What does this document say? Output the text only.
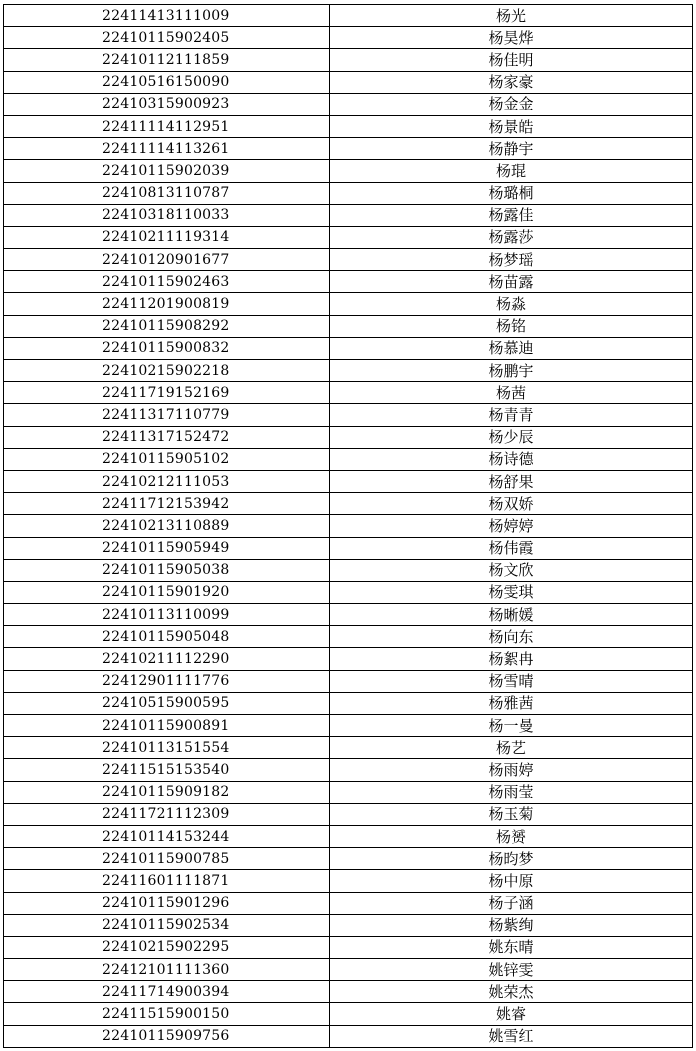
22411413111009	杨光
22410115902405	杨昊烨
22410112111859	杨佳明
22410516150090	杨家豪
22410315900923	杨金金
22411114112951	杨景皓
22411114113261	杨静宇
22410115902039	杨琨
22410813110787	杨璐桐
22410318110033	杨露佳
22410211119314	杨露莎
22410120901677	杨梦瑶
22410115902463	杨苗露
22411201900819	杨淼
22410115908292	杨铭
22410115900832	杨慕迪
22410215902218	杨鹏宇
22411719152169	杨茜
22411317110779	杨青青
22411317152472	杨少辰
22410115905102	杨诗德
22410212111053	杨舒果
22411712153942	杨双娇
22410213110889	杨婷婷
22410115905949	杨伟霞
22410115905038	杨文欣
22410115901920	杨雯琪
22410113110099	杨晰媛
22410115905048	杨向东
22410211112290	杨絮冉
22412901111776	杨雪晴
22410515900595	杨雅茜
22410115900891	杨一曼
22410113151554	杨艺
22411515153540	杨雨婷
22410115909182	杨雨莹
22411721112309	杨玉菊
22410114153244	杨赟
22410115900785	杨昀梦
22411601111871	杨中原
22410115901296	杨子涵
22410115902534	杨紫绚
22410215902295	姚东晴
22412101111360	姚锌雯
22411714900394	姚荣杰
22411515900150	姚睿
22410115909756	姚雪红
